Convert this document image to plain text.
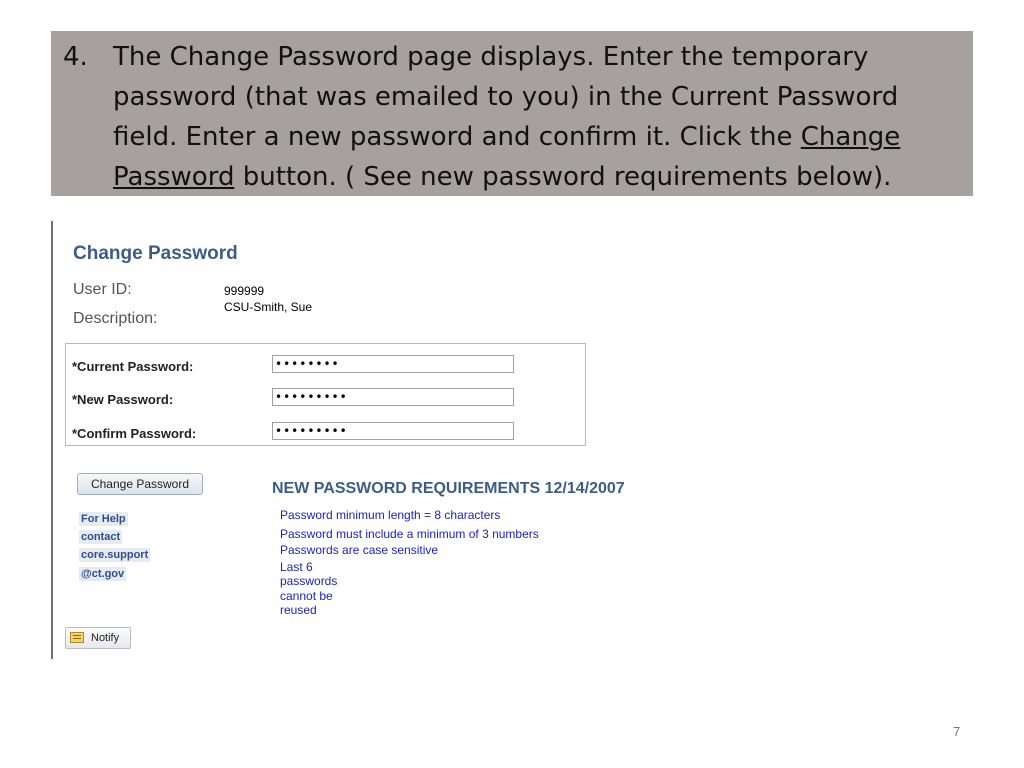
4. The Change Password page displays. Enter the temporary
password (that was emailed to you) in the Current Password
field. Enter a new password and confirm it. Click the Change
Password button. ( See new password requirements below).
Change Password
User ID:	999999
Description:
CSU-Smith, Sue
*Current Password:	••••••••
*New Password:	•••••••••
*Confirm Password:	•••••••••
Change Password
For Help
contact
core.support
@ct.gov
NEW PASSWORD REQUIREMENTS 12/14/2007
Password minimum length = 8 characters
Password must include a minimum of 3 numbers
Passwords are case sensitive
Last 6
passwords
cannot be
reused
Notify
7
